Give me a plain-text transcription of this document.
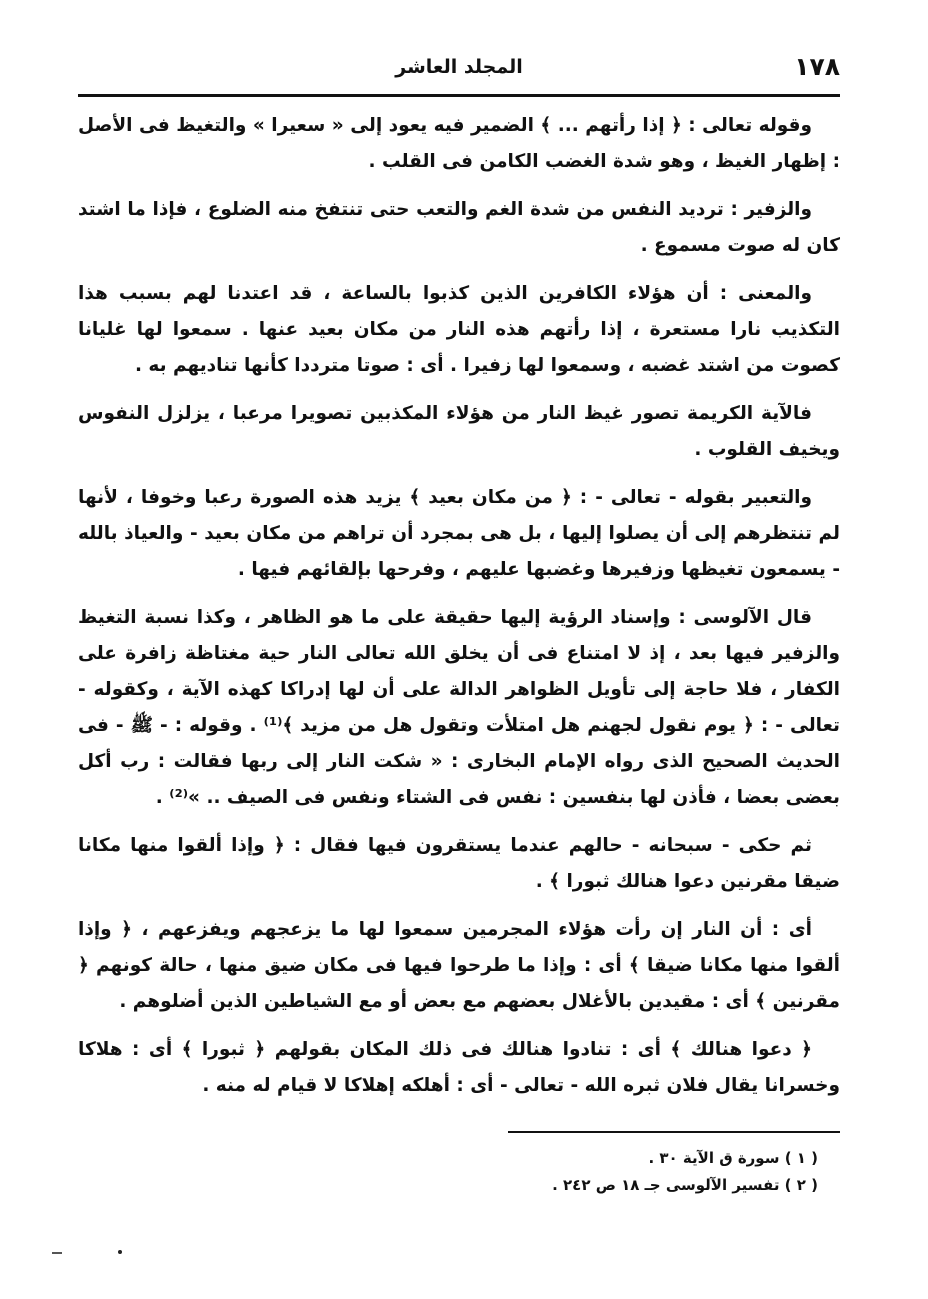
١٧٨
المجلد العاشر

وقوله تعالى : ﴿ إذا رأتهم ... ﴾ الضمير فيه يعود إلى « سعيرا » والتغيظ فى الأصل : إظهار الغيظ ، وهو شدة الغضب الكامن فى القلب .

والزفير : ترديد النفس من شدة الغم والتعب حتى تنتفخ منه الضلوع ، فإذا ما اشتد كان له صوت مسموع .

والمعنى : أن هؤلاء الكافرين الذين كذبوا بالساعة ، قد اعتدنا لهم بسبب هذا التكذيب نارا مستعرة ، إذا رأتهم هذه النار من مكان بعيد عنها . سمعوا لها غليانا كصوت من اشتد غضبه ، وسمعوا لها زفيرا . أى : صوتا مترددا كأنها تناديهم به .

فالآية الكريمة تصور غيظ النار من هؤلاء المكذبين تصويرا مرعبا ، يزلزل النفوس ويخيف القلوب .

والتعبير بقوله - تعالى - : ﴿ من مكان بعيد ﴾ يزيد هذه الصورة رعبا وخوفا ، لأنها لم تنتظرهم إلى أن يصلوا إليها ، بل هى بمجرد أن تراهم من مكان بعيد - والعياذ بالله - يسمعون تغيظها وزفيرها وغضبها عليهم ، وفرحها بإلقائهم فيها .

قال الآلوسى : وإسناد الرؤية إليها حقيقة على ما هو الظاهر ، وكذا نسبة التغيظ والزفير فيها بعد ، إذ لا امتناع فى أن يخلق الله تعالى النار حية مغتاظة زافرة على الكفار ، فلا حاجة إلى تأويل الظواهر الدالة على أن لها إدراكا كهذه الآية ، وكقوله - تعالى - : ﴿ يوم نقول لجهنم هل امتلأت وتقول هل من مزيد ﴾⁽¹⁾ . وقوله : - ﷺ - فى الحديث الصحيح الذى رواه الإمام البخارى : « شكت النار إلى ربها فقالت : رب أكل بعضى بعضا ، فأذن لها بنفسين : نفس فى الشتاء ونفس فى الصيف .. »⁽²⁾ .

ثم حكى - سبحانه - حالهم عندما يستقرون فيها فقال : ﴿ وإذا ألقوا منها مكانا ضيقا مقرنين دعوا هنالك ثبورا ﴾ .

أى : أن النار إن رأت هؤلاء المجرمين سمعوا لها ما يزعجهم ويفزعهم ، ﴿ وإذا ألقوا منها مكانا ضيقا ﴾ أى : وإذا ما طرحوا فيها فى مكان ضيق منها ، حالة كونهم ﴿ مقرنين ﴾ أى : مقيدين بالأغلال بعضهم مع بعض أو مع الشياطين الذين أضلوهم .

﴿ دعوا هنالك ﴾ أى : تنادوا هنالك فى ذلك المكان بقولهم ﴿ ثبورا ﴾ أى : هلاكا وخسرانا يقال فلان ثبره الله - تعالى - أى : أهلكه إهلاكا لا قيام له منه .

( ١ ) سورة ق الآية ٣٠ .
( ٢ ) تفسير الآلوسى جـ ١٨ ص ٢٤٢ .
